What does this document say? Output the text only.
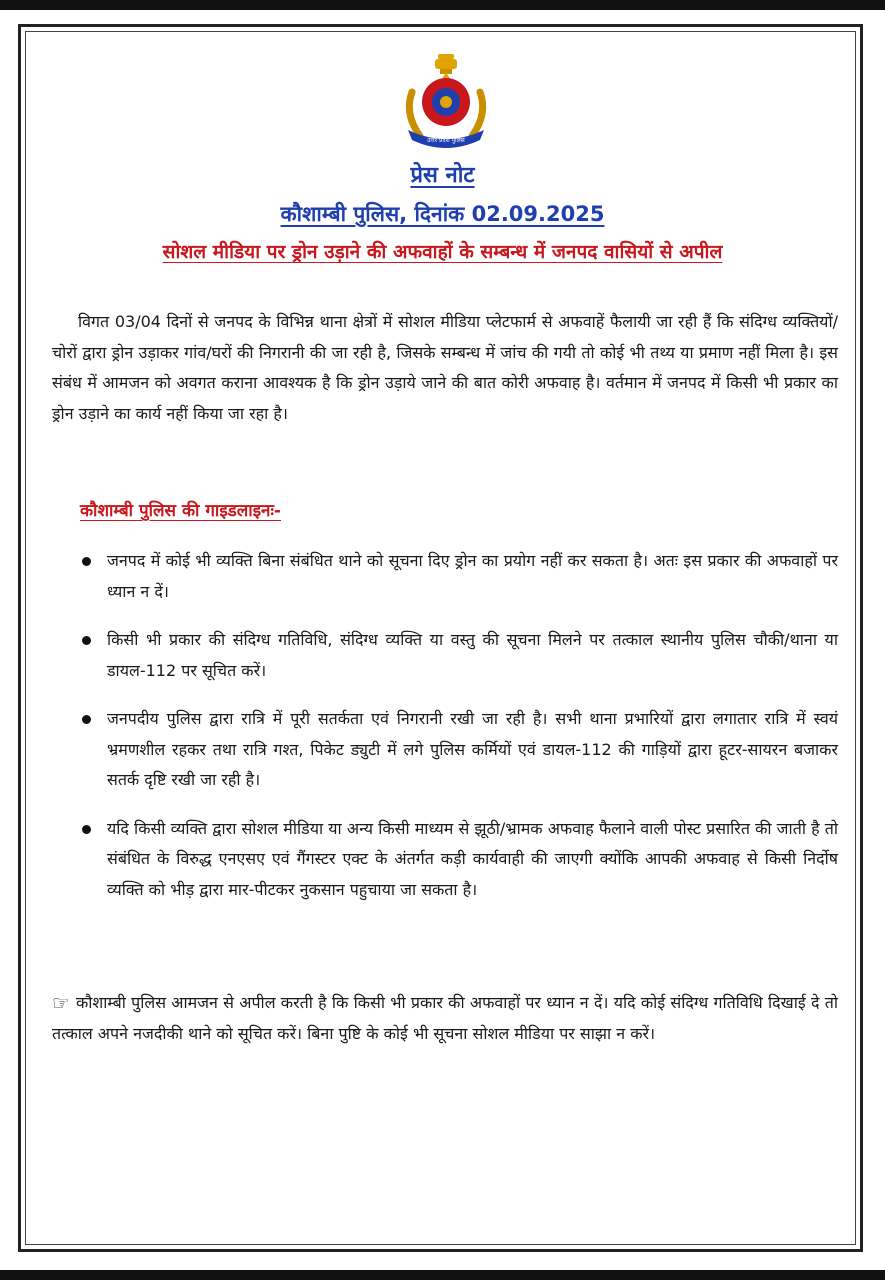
उत्तर प्रदेश पुलिस
प्रेस नोट
कौशाम्बी पुलिस, दिनांक 02.09.2025
सोशल मीडिया पर ड्रोन उड़ाने की अफवाहों के सम्बन्ध में जनपद वासियों से अपील

विगत 03/04 दिनों से जनपद के विभिन्न थाना क्षेत्रों में सोशल मीडिया प्लेटफार्म से अफवाहें फैलायी जा रही हैं कि संदिग्ध व्यक्तियों/चोरों द्वारा ड्रोन उड़ाकर गांव/घरों की निगरानी की जा रही है, जिसके सम्बन्ध में जांच की गयी तो कोई भी तथ्य या प्रमाण नहीं मिला है। इस संबंध में आमजन को अवगत कराना आवश्यक है कि ड्रोन उड़ाये जाने की बात कोरी अफवाह है। वर्तमान में जनपद में किसी भी प्रकार का ड्रोन उड़ाने का कार्य नहीं किया जा रहा है।

कौशाम्बी पुलिस की गाइडलाइनः-
जनपद में कोई भी व्यक्ति बिना संबंधित थाने को सूचना दिए ड्रोन का प्रयोग नहीं कर सकता है। अतः इस प्रकार की अफवाहों पर ध्यान न दें।
किसी भी प्रकार की संदिग्ध गतिविधि, संदिग्ध व्यक्ति या वस्तु की सूचना मिलने पर तत्काल स्थानीय पुलिस चौकी/थाना या डायल-112 पर सूचित करें।
जनपदीय पुलिस द्वारा रात्रि में पूरी सतर्कता एवं निगरानी रखी जा रही है। सभी थाना प्रभारियों द्वारा लगातार रात्रि में स्वयं भ्रमणशील रहकर तथा रात्रि गश्त, पिकेट ड्युटी में लगे पुलिस कर्मियों एवं डायल-112 की गाड़ियों द्वारा हूटर-सायरन बजाकर सतर्क दृष्टि रखी जा रही है।
यदि किसी व्यक्ति द्वारा सोशल मीडिया या अन्य किसी माध्यम से झूठी/भ्रामक अफवाह फैलाने वाली पोस्ट प्रसारित की जाती है तो संबंधित के विरुद्ध एनएसए एवं गैंगस्टर एक्ट के अंतर्गत कड़ी कार्यवाही की जाएगी क्योंकि आपकी अफवाह से किसी निर्दोष व्यक्ति को भीड़ द्वारा मार-पीटकर नुकसान पहुचाया जा सकता है।

☞ कौशाम्बी पुलिस आमजन से अपील करती है कि किसी भी प्रकार की अफवाहों पर ध्यान न दें। यदि कोई संदिग्ध गतिविधि दिखाई दे तो तत्काल अपने नजदीकी थाने को सूचित करें। बिना पुष्टि के कोई भी सूचना सोशल मीडिया पर साझा न करें।
